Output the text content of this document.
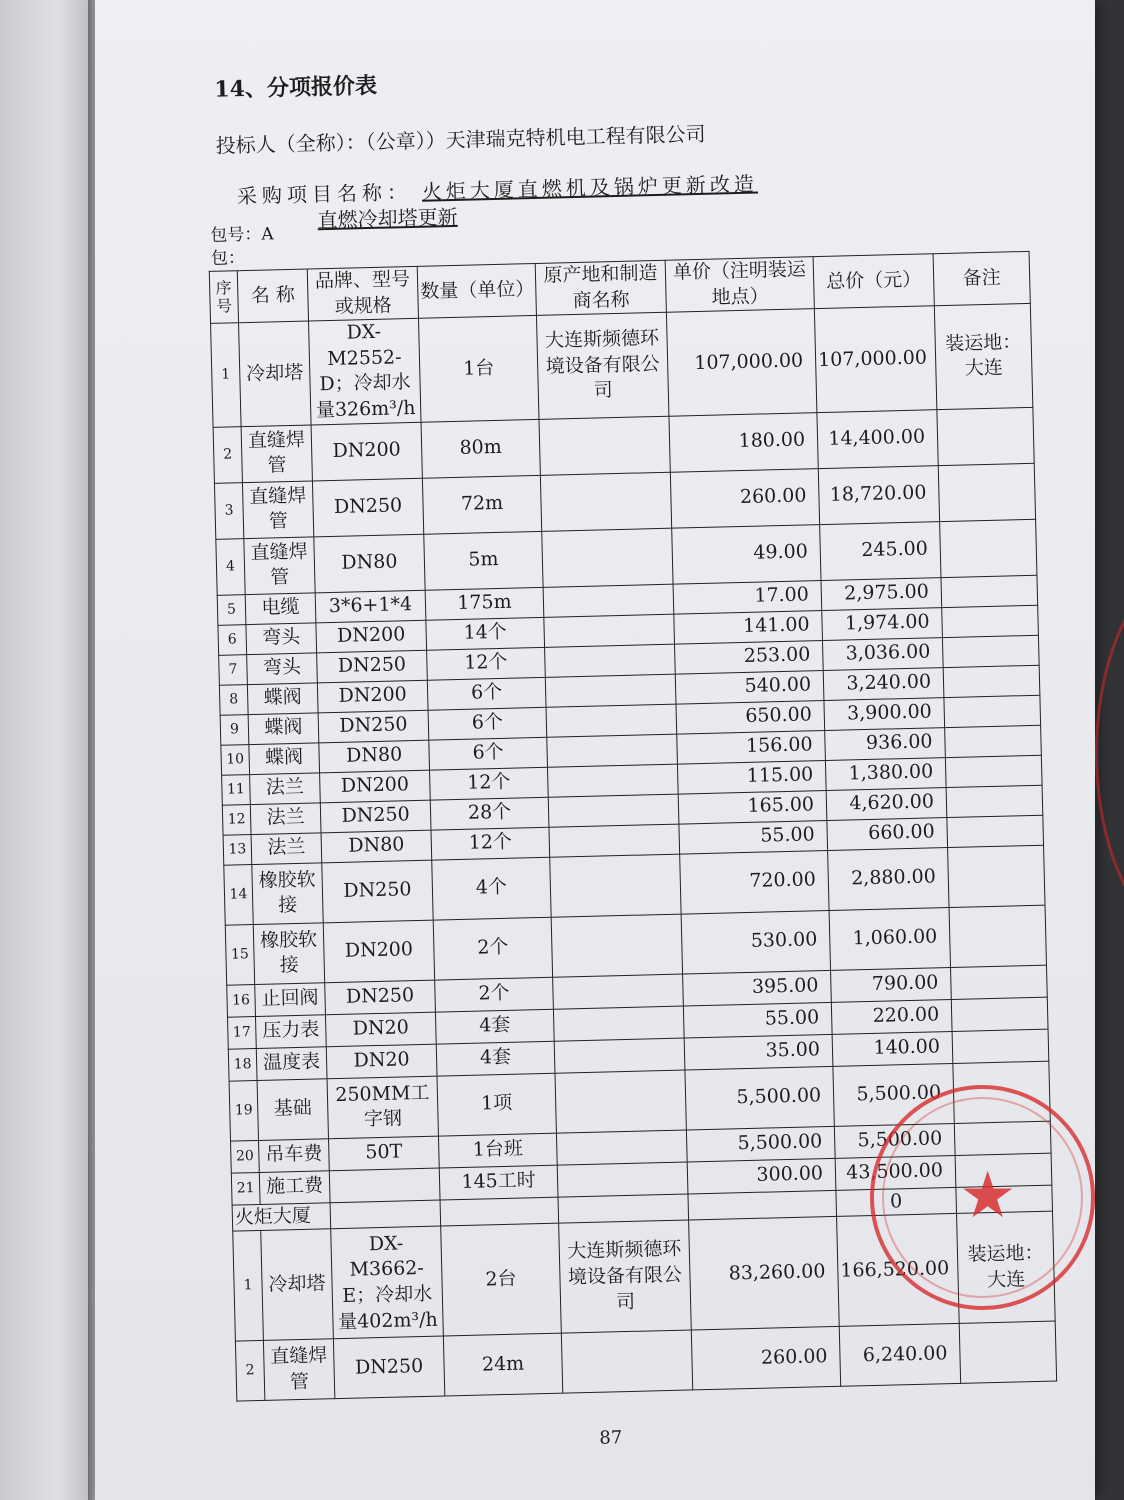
14、分项报价表
投标人（全称）：（公章））天津瑞克特机电工程有限公司
采购项目名称： 火炬大厦直燃机及锅炉更新改造
直燃冷却塔更新
包号：A包：							

序
号	名 称	品牌、型号或规格	数量（单位）	原产地和制造商名称	单价（注明装运地点）	总价（元）	备注
1	冷却塔	DX-M2552-D；冷却水量326m³/h	1台	大连斯频德环境设备有限公司	107,000.00	107,000.00	装运地：大连
2	直缝焊管	DN200	80m		180.00	14,400.00	
3	直缝焊管	DN250	72m		260.00	18,720.00	
4	直缝焊管	DN80	5m		49.00	245.00	
5	电缆	3*6+1*4	175m		17.00	2,975.00	
6	弯头	DN200	14个		141.00	1,974.00	
7	弯头	DN250	12个		253.00	3,036.00	
8	蝶阀	DN200	6个		540.00	3,240.00	
9	蝶阀	DN250	6个		650.00	3,900.00	
10	蝶阀	DN80	6个		156.00	936.00	
11	法兰	DN200	12个		115.00	1,380.00	
12	法兰	DN250	28个		165.00	4,620.00	
13	法兰	DN80	12个		55.00	660.00	
14	橡胶软接	DN250	4个		720.00	2,880.00	
15	橡胶软接	DN200	2个		530.00	1,060.00	
16	止回阀	DN250	2个		395.00	790.00	
17	压力表	DN20	4套		55.00	220.00	
18	温度表	DN20	4套		35.00	140.00	
19	基础	250MM工字钢	1项		5,500.00	5,500.00	
20	吊车费	50T	1台班		5,500.00	5,500.00	
21	施工费		145工时		300.00	43,500.00	
火炬大厦						0	
1	冷却塔	DX-M3662-E；冷却水量402m³/h	2台	大连斯频德环境设备有限公司	83,260.00	166,520.00	装运地：大连
2	直缝焊管	DN250	24m		260.00	6,240.00	
87
★
